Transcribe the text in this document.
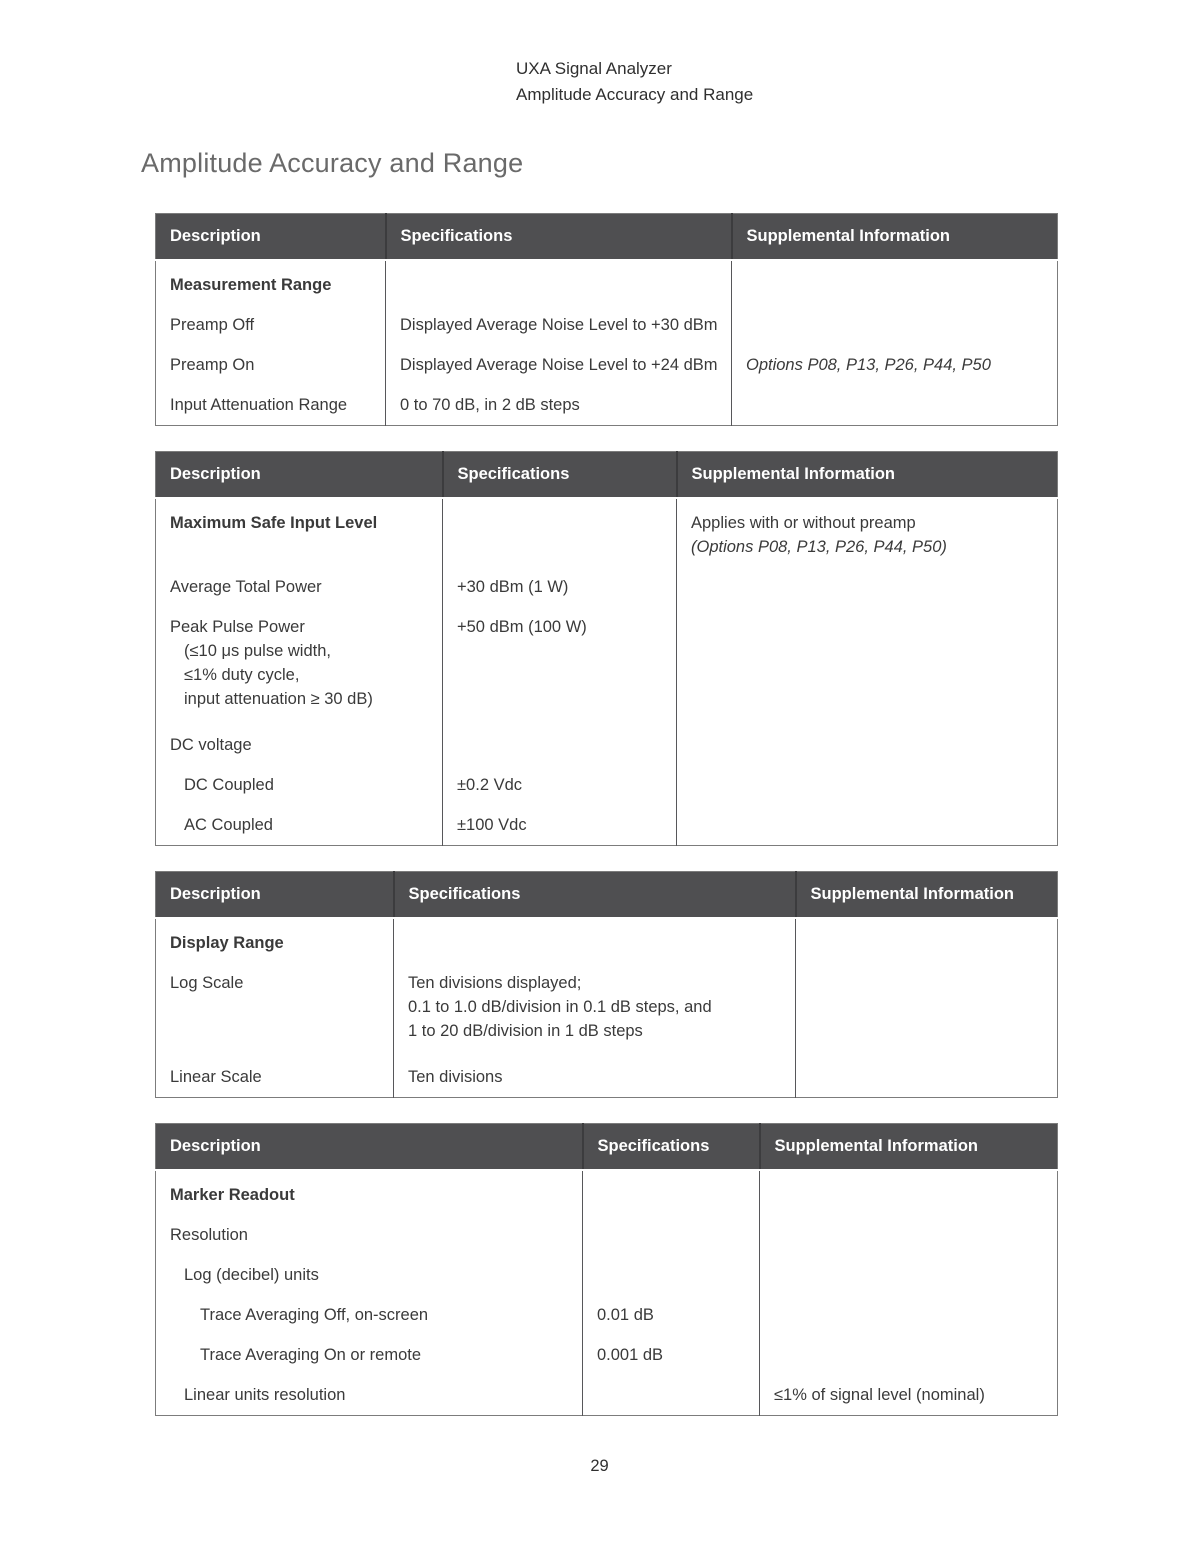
UXA Signal Analyzer
Amplitude Accuracy and Range
Amplitude Accuracy and Range
Description	Specifications	Supplemental Information
Measurement Range		
Preamp Off	Displayed Average Noise Level to +30 dBm	
Preamp On	Displayed Average Noise Level to +24 dBm	Options P08, P13, P26, P44, P50
Input Attenuation Range	0 to 70 dB, in 2 dB steps	
Description	Specifications	Supplemental Information
Maximum Safe Input Level		Applies with or without preamp
(Options P08, P13, P26, P44, P50)

Average Total Power	+30 dBm (1 W)	

Peak Pulse Power
(≤10 μs pulse width,
≤1% duty cycle,
input attenuation ≥ 30 dB)	+50 dBm (100 W)	
DC voltage		
DC Coupled	±0.2 Vdc	
AC Coupled	±100 Vdc	
Description	Specifications	Supplemental Information
Display Range		
Log Scale	Ten divisions displayed;
0.1 to 1.0 dB/division in 0.1 dB steps, and
1 to 20 dB/division in 1 dB steps	

Linear Scale	Ten divisions	
Description	Specifications	Supplemental Information
Marker Readout		
Resolution		
Log (decibel) units		
Trace Averaging Off, on-screen	0.01 dB	
Trace Averaging On or remote	0.001 dB	
Linear units resolution		≤1% of signal level (nominal)
29
